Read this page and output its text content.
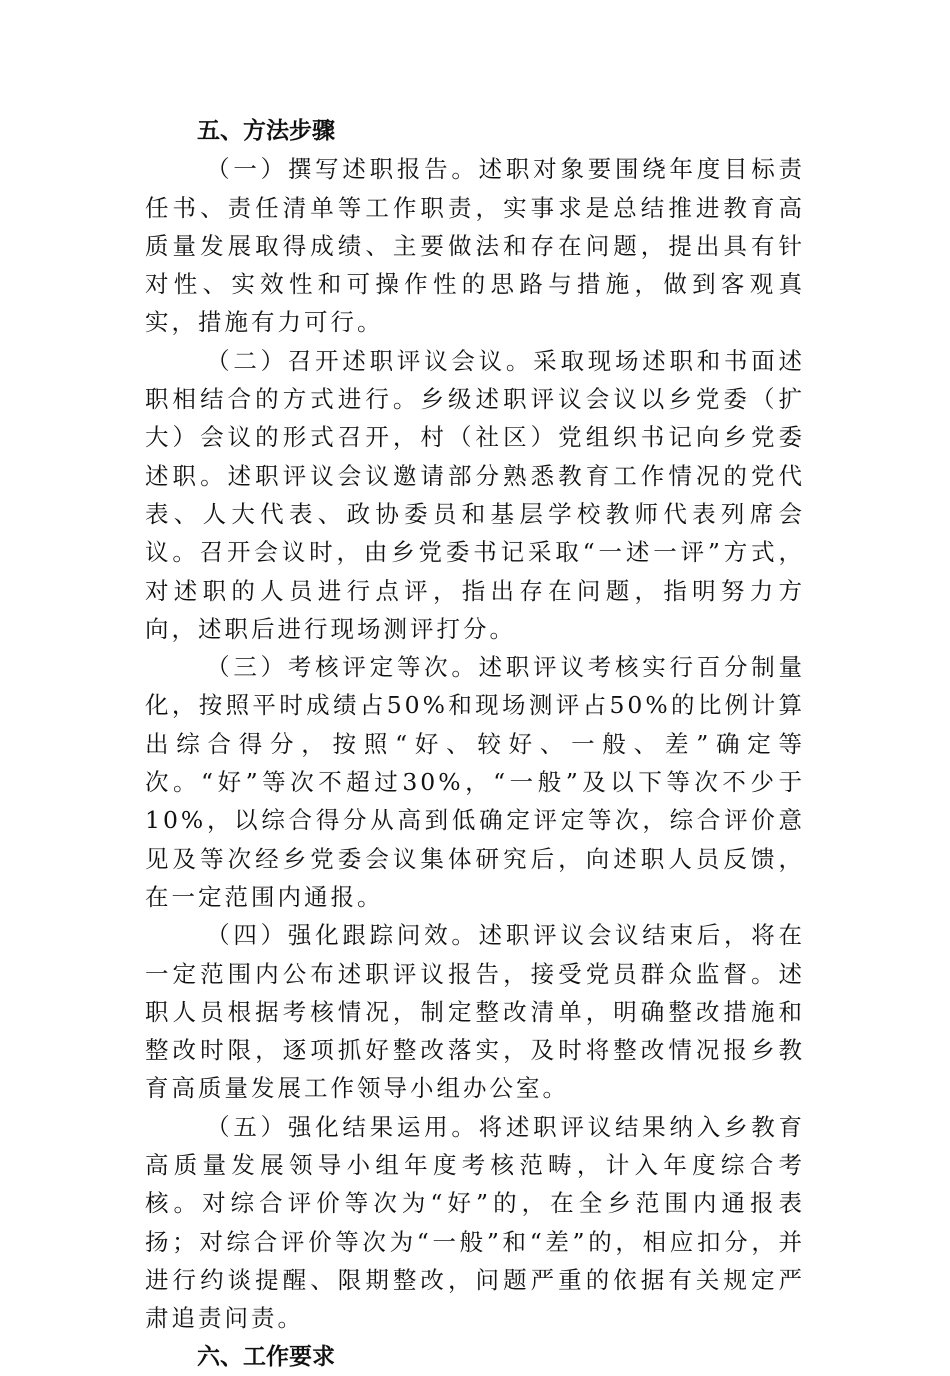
五、方法步骤

（一）撰写述职报告。述职对象要围绕年度目标责任书、责任清单等工作职责，实事求是总结推进教育高质量发展取得成绩、主要做法和存在问题，提出具有针对性、实效性和可操作性的思路与措施，做到客观真实，措施有力可行。

（二）召开述职评议会议。采取现场述职和书面述职相结合的方式进行。乡级述职评议会议以乡党委（扩大）会议的形式召开，村（社区）党组织书记向乡党委述职。述职评议会议邀请部分熟悉教育工作情况的党代表、人大代表、政协委员和基层学校教师代表列席会议。召开会议时，由乡党委书记采取“一述一评”方式，对述职的人员进行点评，指出存在问题，指明努力方向，述职后进行现场测评打分。

（三）考核评定等次。述职评议考核实行百分制量化，按照平时成绩占50%和现场测评占50%的比例计算出综合得分，按照“好、较好、一般、差”确定等次。“好”等次不超过30%，“一般”及以下等次不少于10%，以综合得分从高到低确定评定等次，综合评价意见及等次经乡党委会议集体研究后，向述职人员反馈，在一定范围内通报。

（四）强化跟踪问效。述职评议会议结束后，将在一定范围内公布述职评议报告，接受党员群众监督。述职人员根据考核情况，制定整改清单，明确整改措施和整改时限，逐项抓好整改落实，及时将整改情况报乡教育高质量发展工作领导小组办公室。

（五）强化结果运用。将述职评议结果纳入乡教育高质量发展领导小组年度考核范畴，计入年度综合考核。对综合评价等次为“好”的，在全乡范围内通报表扬；对综合评价等次为“一般”和“差”的，相应扣分，并进行约谈提醒、限期整改，问题严重的依据有关规定严肃追责问责。

六、工作要求
